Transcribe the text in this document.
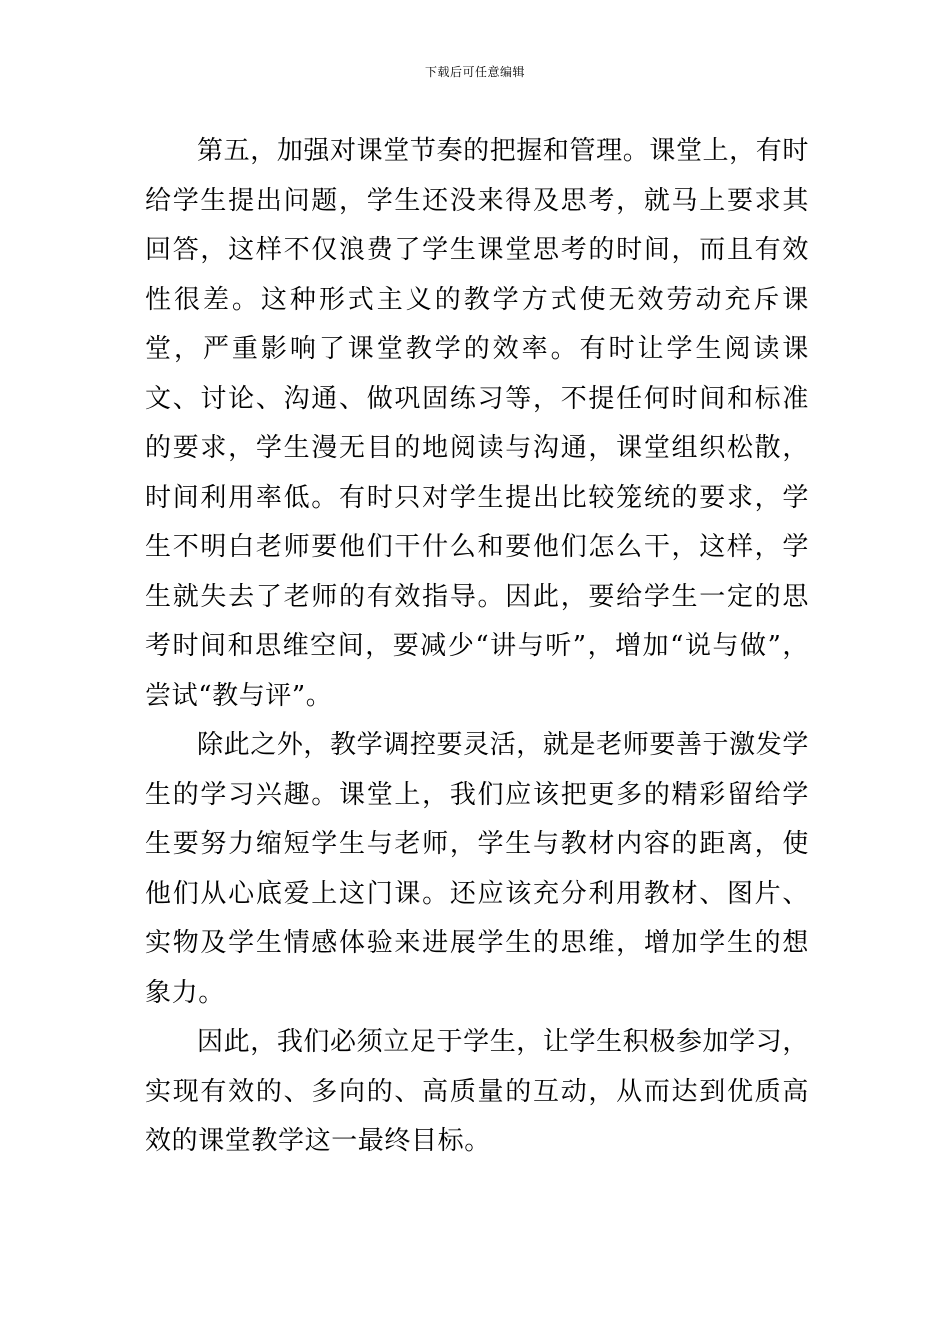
下载后可任意编辑

第五，加强对课堂节奏的把握和管理。课堂上，有时给学生提出问题，学生还没来得及思考，就马上要求其回答，这样不仅浪费了学生课堂思考的时间，而且有效性很差。这种形式主义的教学方式使无效劳动充斥课堂，严重影响了课堂教学的效率。有时让学生阅读课文、讨论、沟通、做巩固练习等，不提任何时间和标准的要求，学生漫无目的地阅读与沟通，课堂组织松散，时间利用率低。有时只对学生提出比较笼统的要求，学生不明白老师要他们干什么和要他们怎么干，这样，学生就失去了老师的有效指导。因此，要给学生一定的思考时间和思维空间，要减少“讲与听”，增加“说与做”，尝试“教与评”。

除此之外，教学调控要灵活，就是老师要善于激发学生的学习兴趣。课堂上，我们应该把更多的精彩留给学生要努力缩短学生与老师，学生与教材内容的距离，使他们从心底爱上这门课。还应该充分利用教材、图片、实物及学生情感体验来进展学生的思维，增加学生的想象力。

因此，我们必须立足于学生，让学生积极参加学习，实现有效的、多向的、高质量的互动，从而达到优质高效的课堂教学这一最终目标。
